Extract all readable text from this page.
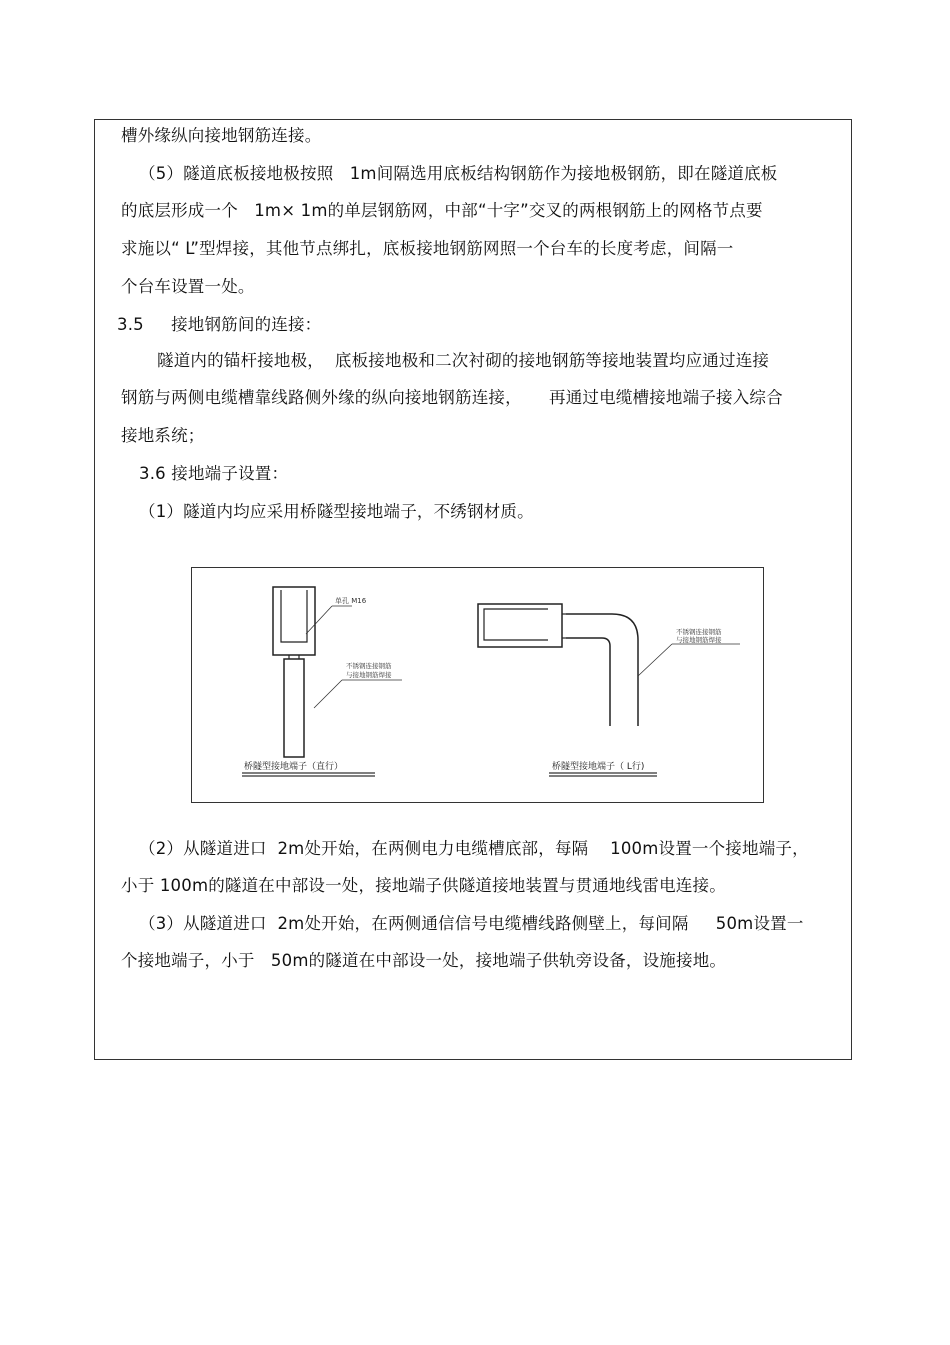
槽外缘纵向接地钢筋连接。
（5）隧道底板接地极按照   1m间隔选用底板结构钢筋作为接地极钢筋，即在隧道底板
的底层形成一个   1m× 1m的单层钢筋网，中部“十字”交叉的两根钢筋上的网格节点要
求施以“ L”型焊接，其他节点绑扎，底板接地钢筋网照一个台车的长度考虑，间隔一
个台车设置一处。
3.5     接地钢筋间的连接：
隧道内的锚杆接地极，  底板接地极和二次衬砌的接地钢筋等接地装置均应通过连接
钢筋与两侧电缆槽靠线路侧外缘的纵向接地钢筋连接，     再通过电缆槽接地端子接入综合
接地系统；
3.6 接地端子设置：
（1）隧道内均应采用桥隧型接地端子，不绣钢材质。
单孔 M16
不锈钢连接钢筋
与接地钢筋焊接
桥隧型接地端子（直行）
不锈钢连接钢筋
与接地钢筋焊接
桥隧型接地端子（ L行)
（2）从隧道进口  2m处开始，在两侧电力电缆槽底部，每隔    100m设置一个接地端子，
小于 100m的隧道在中部设一处，接地端子供隧道接地装置与贯通地线雷电连接。
（3）从隧道进口  2m处开始，在两侧通信信号电缆槽线路侧壁上，每间隔     50m设置一
个接地端子，小于   50m的隧道在中部设一处，接地端子供轨旁设备，设施接地。
